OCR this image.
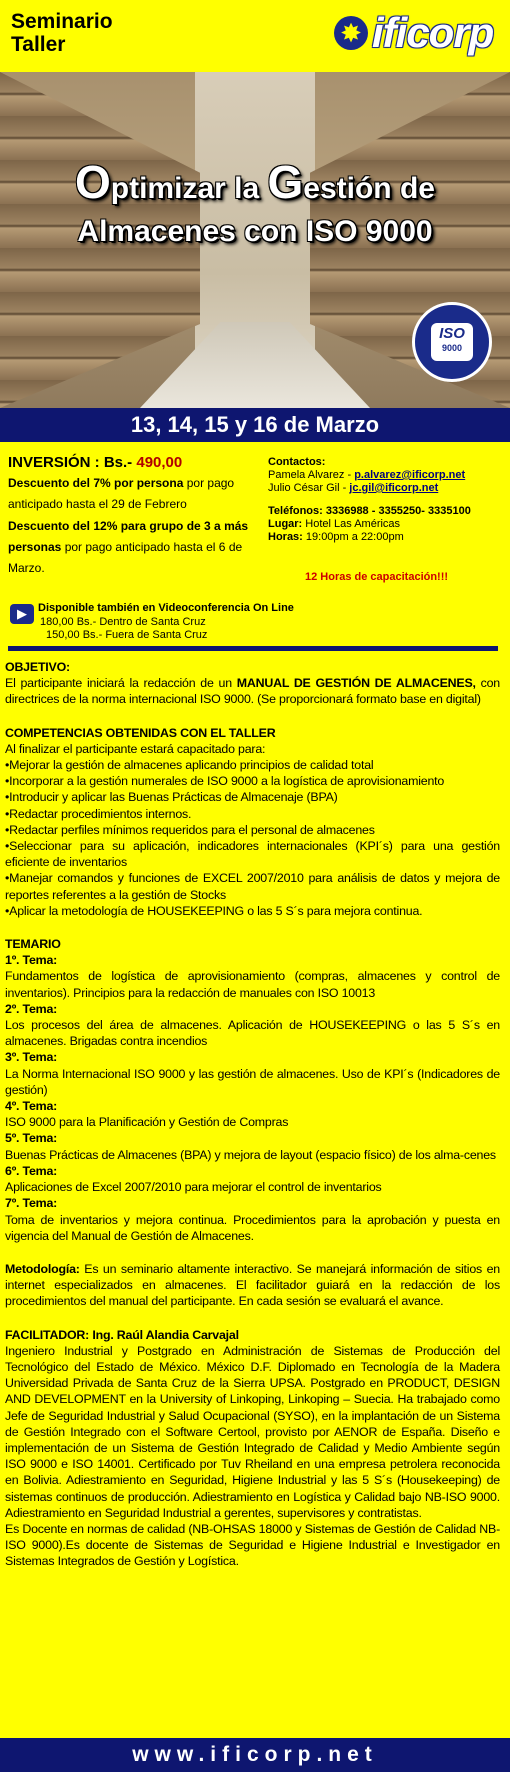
Seminario
Taller	✸ ificorp
Optimizar la Gestión de
Almacenes con ISO 9000
ISO
9000
13, 14, 15 y 16 de Marzo
INVERSIÓN : Bs.- 490,00
Descuento del 7% por persona por pago anticipado hasta el 29 de Febrero
Descuento del 12% para grupo de 3 a más personas por pago anticipado hasta el 6 de Marzo.
Contactos:
Pamela Alvarez - p.alvarez@ificorp.net
Julio César Gil - jc.gil@ificorp.net
Teléfonos: 3336988 - 3355250- 3335100
Lugar: Hotel Las Américas
Horas: 19:00pm a 22:00pm
12 Horas de capacitación!!!
▶	Disponible también en Videoconferencia On Line
180,00 Bs.- Dentro de Santa Cruz
150,00 Bs.- Fuera de Santa Cruz
OBJETIVO:

El participante iniciará la redacción de un MANUAL DE GESTIÓN DE ALMACENES, con directrices de la norma internacional ISO 9000. (Se proporcionará formato base en digital)

COMPETENCIAS OBTENIDAS CON EL TALLER
Al finalizar el participante estará capacitado para:

•Mejorar la gestión de almacenes aplicando principios de calidad total

•Incorporar a la gestión numerales de ISO 9000 a la logística de aprovisionamiento

•Introducir y aplicar las Buenas Prácticas de Almacenaje (BPA)

•Redactar procedimientos internos.

•Redactar perfiles mínimos requeridos para el personal de almacenes

•Seleccionar para su aplicación, indicadores internacionales (KPI´s) para una gestión eficiente de inventarios

•Manejar comandos y funciones de EXCEL 2007/2010 para análisis de datos y mejora de reportes referentes a la gestión de Stocks

•Aplicar la metodología de HOUSEKEEPING o las 5 S´s para mejora continua.

TEMARIO
1º. Tema:

Fundamentos de logística de aprovisionamiento (compras, almacenes y control de inventarios). Principios para la redacción de manuales con ISO 10013

2º. Tema:

Los procesos del área de almacenes. Aplicación de HOUSEKEEPING o las 5 S´s en almacenes. Brigadas contra incendios

3º. Tema:

La Norma Internacional ISO 9000 y las gestión de almacenes. Uso de KPI´s (Indicadores de gestión)

4º. Tema:

ISO 9000 para la Planificación y Gestión de Compras

5º. Tema:

Buenas Prácticas de Almacenes (BPA) y mejora de layout (espacio físico) de los alma-cenes

6º. Tema:

Aplicaciones de Excel 2007/2010 para mejorar el control de inventarios

7º. Tema:

Toma de inventarios y mejora continua. Procedimientos para la aprobación y puesta en vigencia del Manual de Gestión de Almacenes.

Metodología: Es un seminario altamente interactivo. Se manejará información de sitios en internet especializados en almacenes. El facilitador guiará en la redacción de los procedimientos del manual del participante. En cada sesión se evaluará el avance.

FACILITADOR: Ing. Raúl Alandia Carvajal

Ingeniero Industrial y Postgrado en Administración de Sistemas de Producción del Tecnológico del Estado de México. México D.F. Diplomado en Tecnología de la Madera Universidad Privada de Santa Cruz de la Sierra UPSA. Postgrado en PRODUCT, DESIGN AND DEVELOPMENT en la University of Linkoping, Linkoping – Suecia. Ha trabajado como Jefe de Seguridad Industrial y Salud Ocupacional (SYSO), en la implantación de un Sistema de Gestión Integrado con el Software Certool, provisto por AENOR de España. Diseño e implementación de un Sistema de Gestión Integrado de Calidad y Medio Ambiente según ISO 9000 e ISO 14001. Certificado por Tuv Rheiland en una empresa petrolera reconocida en Bolivia. Adiestramiento en Seguridad, Higiene Industrial y las 5 S´s (Housekeeping) de sistemas continuos de producción. Adiestramiento en Logística y Calidad bajo NB-ISO 9000. Adiestramiento en Seguridad Industrial a gerentes, supervisores y contratistas.

Es Docente en normas de calidad (NB-OHSAS 18000 y Sistemas de Gestión de Calidad NB-ISO 9000).Es docente de Sistemas de Seguridad e Higiene Industrial e Investigador en Sistemas Integrados de Gestión y Logística.

www.ificorp.net
